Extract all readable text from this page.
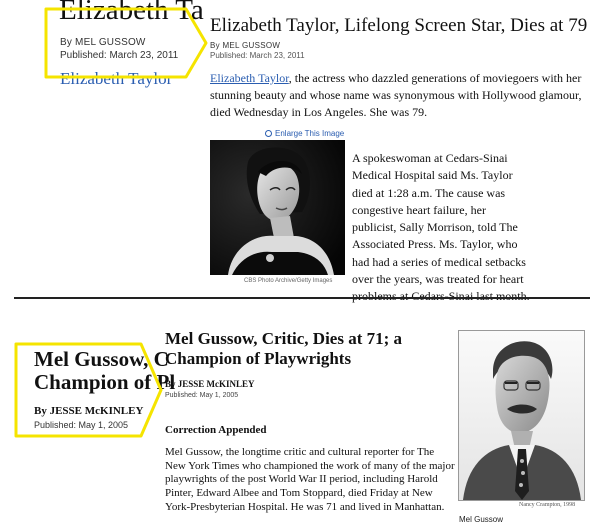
Elizabeth Ta
By MEL GUSSOW
Published: March 23, 2011
Elizabeth Taylor
Elizabeth Taylor, Lifelong Screen Star, Dies at 79
By MEL GUSSOW
Published: March 23, 2011
Elizabeth Taylor, the actress who dazzled generations of moviegoers with her stunning beauty and whose name was synonymous with Hollywood glamour, died Wednesday in Los Angeles. She was 79.
Enlarge This Image
CBS Photo Archive/Getty Images
A spokeswoman at Cedars-Sinai Medical Hospital said Ms. Taylor died at 1:28 a.m. The cause was congestive heart failure, her publicist, Sally Morrison, told The Associated Press. Ms. Taylor, who had had a series of medical setbacks over the years, was treated for heart
Mel Gussow, C
Champion of Pl
By JESSE McKINLEY
Published: May 1, 2005
Mel Gussow, Critic, Dies at 71; a Champion of Playwrights
By JESSE McKINLEY
Published: May 1, 2005
Correction Appended
Mel Gussow, the longtime critic and cultural reporter for The New York Times who championed the work of many of the major playwrights of the post World War II period, including Harold Pinter, Edward Albee and Tom Stoppard, died Friday at New York-Presbyterian Hospital. He was 71 and lived in Manhattan.	Nancy Crampton, 1998
Mel Gussow
